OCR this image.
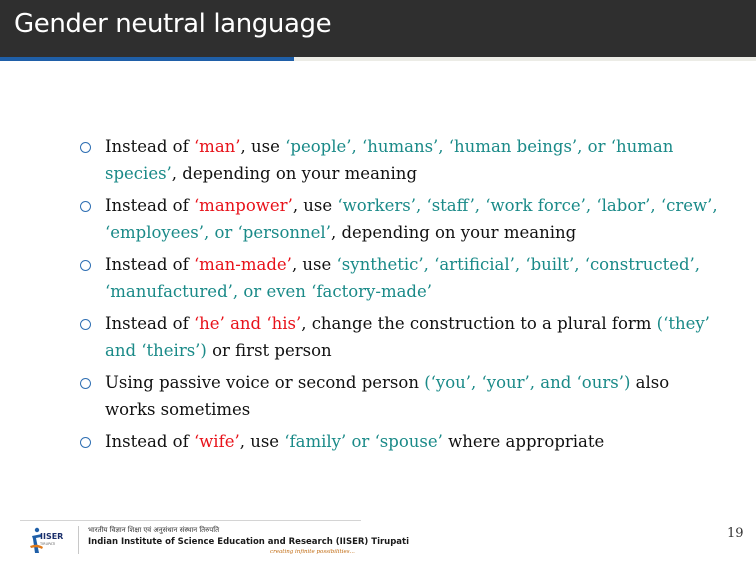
Gender neutral language
Instead of ‘man’, use ‘people’, ‘humans’, ‘human beings’, or ‘human species’, depending on your meaning
Instead of ‘manpower’, use ‘workers’, ‘staff’, ‘work force’, ‘labor’, ‘crew’, ‘employees’, or ‘personnel’, depending on your meaning
Instead of ‘man-made’, use ‘synthetic’, ‘artificial’, ‘built’, ‘constructed’, ‘manufactured’, or even ‘factory-made’
Instead of ‘he’ and ‘his’, change the construction to a plural form (‘they’ and ‘theirs’) or first person
Using passive voice or second person (‘you’, ‘your’, and ‘ours’) also works sometimes
Instead of ‘wife’, use ‘family’ or ‘spouse’ where appropriate
IISER
TIRUPATI
भारतीय विज्ञान शिक्षा एवं अनुसंधान संस्थान तिरुपति
Indian Institute of Science Education and Research (IISER) Tirupati
creating infinite possibilities...
19
